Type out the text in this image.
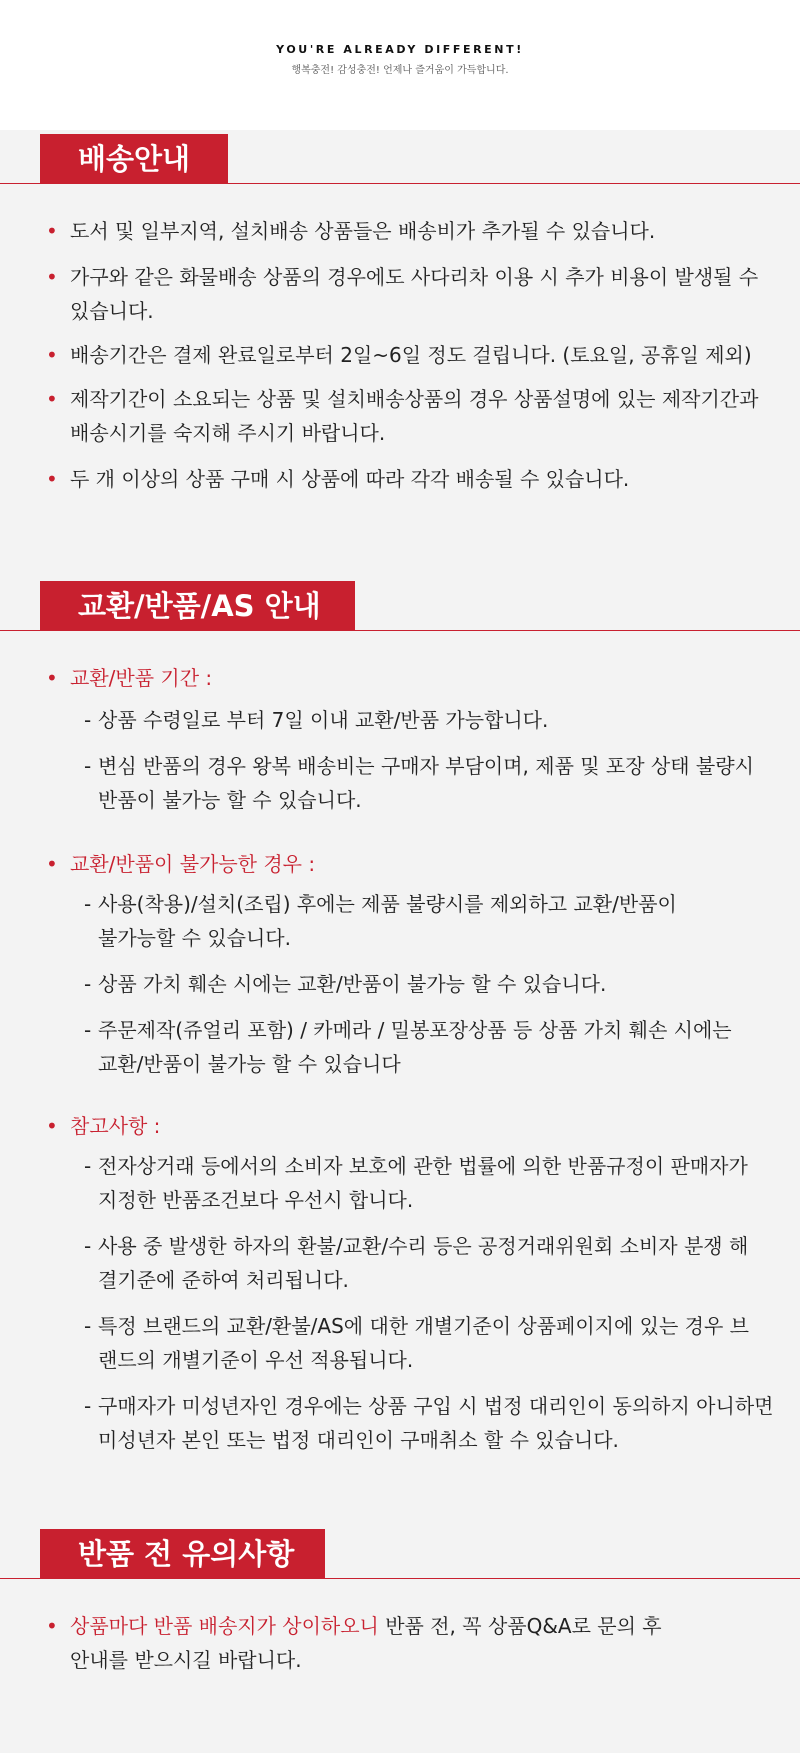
YOU'RE ALREADY DIFFERENT!
행복충전! 감성충전! 언제나 즐거움이 가득합니다.
배송안내
• 도서 및 일부지역, 설치배송 상품들은 배송비가 추가될 수 있습니다.
• 가구와 같은 화물배송 상품의 경우에도 사다리차 이용 시 추가 비용이 발생될 수 있습니다.
• 배송기간은 결제 완료일로부터 2일~6일 정도 걸립니다. (토요일, 공휴일 제외)
• 제작기간이 소요되는 상품 및 설치배송상품의 경우 상품설명에 있는 제작기간과 배송시기를 숙지해 주시기 바랍니다.
• 두 개 이상의 상품 구매 시 상품에 따라 각각 배송될 수 있습니다.
교환/반품/AS 안내
• 교환/반품 기간 :
- 상품 수령일로 부터 7일 이내 교환/반품 가능합니다.
- 변심 반품의 경우 왕복 배송비는 구매자 부담이며, 제품 및 포장 상태 불량시 반품이 불가능 할 수 있습니다.
• 교환/반품이 불가능한 경우 :
- 사용(착용)/설치(조립) 후에는 제품 불량시를 제외하고 교환/반품이 불가능할 수 있습니다.
- 상품 가치 훼손 시에는 교환/반품이 불가능 할 수 있습니다.
- 주문제작(쥬얼리 포함) / 카메라 / 밀봉포장상품 등 상품 가치 훼손 시에는 교환/반품이 불가능 할 수 있습니다
• 참고사항 :
- 전자상거래 등에서의 소비자 보호에 관한 법률에 의한 반품규정이 판매자가 지정한 반품조건보다 우선시 합니다.
- 사용 중 발생한 하자의 환불/교환/수리 등은 공정거래위원회 소비자 분쟁 해결기준에 준하여 처리됩니다.
- 특정 브랜드의 교환/환불/AS에 대한 개별기준이 상품페이지에 있는 경우 브랜드의 개별기준이 우선 적용됩니다.
- 구매자가 미성년자인 경우에는 상품 구입 시 법정 대리인이 동의하지 아니하면 미성년자 본인 또는 법정 대리인이 구매취소 할 수 있습니다.
반품 전 유의사항
• 상품마다 반품 배송지가 상이하오니 반품 전, 꼭 상품Q&A로 문의 후 안내를 받으시길 바랍니다.
